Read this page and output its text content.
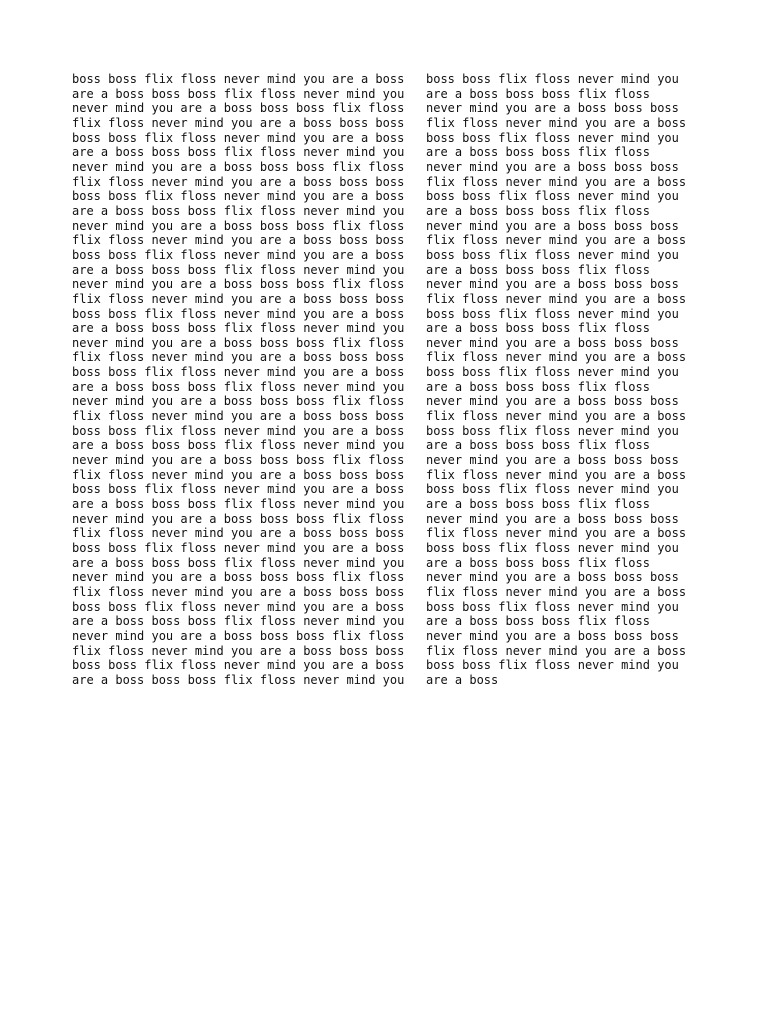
boss boss flix floss never mind you are a boss
are a boss boss boss flix floss never mind you
never mind you are a boss boss boss flix floss
flix floss never mind you are a boss boss boss
boss boss flix floss never mind you are a boss
are a boss boss boss flix floss never mind you
never mind you are a boss boss boss flix floss
flix floss never mind you are a boss boss boss
boss boss flix floss never mind you are a boss
are a boss boss boss flix floss never mind you
never mind you are a boss boss boss flix floss
flix floss never mind you are a boss boss boss
boss boss flix floss never mind you are a boss
are a boss boss boss flix floss never mind you
never mind you are a boss boss boss flix floss
flix floss never mind you are a boss boss boss
boss boss flix floss never mind you are a boss
are a boss boss boss flix floss never mind you
never mind you are a boss boss boss flix floss
flix floss never mind you are a boss boss boss
boss boss flix floss never mind you are a boss
are a boss boss boss flix floss never mind you
never mind you are a boss boss boss flix floss
flix floss never mind you are a boss boss boss
boss boss flix floss never mind you are a boss
are a boss boss boss flix floss never mind you
never mind you are a boss boss boss flix floss
flix floss never mind you are a boss boss boss
boss boss flix floss never mind you are a boss
are a boss boss boss flix floss never mind you
never mind you are a boss boss boss flix floss
flix floss never mind you are a boss boss boss
boss boss flix floss never mind you are a boss
are a boss boss boss flix floss never mind you
never mind you are a boss boss boss flix floss
flix floss never mind you are a boss boss boss
boss boss flix floss never mind you are a boss
are a boss boss boss flix floss never mind you
never mind you are a boss boss boss flix floss
flix floss never mind you are a boss boss boss
boss boss flix floss never mind you are a boss
are a boss boss boss flix floss never mind you
boss boss flix floss never mind you
are a boss boss boss flix floss
never mind you are a boss boss boss
flix floss never mind you are a boss
boss boss flix floss never mind you
are a boss boss boss flix floss
never mind you are a boss boss boss
flix floss never mind you are a boss
boss boss flix floss never mind you
are a boss boss boss flix floss
never mind you are a boss boss boss
flix floss never mind you are a boss
boss boss flix floss never mind you
are a boss boss boss flix floss
never mind you are a boss boss boss
flix floss never mind you are a boss
boss boss flix floss never mind you
are a boss boss boss flix floss
never mind you are a boss boss boss
flix floss never mind you are a boss
boss boss flix floss never mind you
are a boss boss boss flix floss
never mind you are a boss boss boss
flix floss never mind you are a boss
boss boss flix floss never mind you
are a boss boss boss flix floss
never mind you are a boss boss boss
flix floss never mind you are a boss
boss boss flix floss never mind you
are a boss boss boss flix floss
never mind you are a boss boss boss
flix floss never mind you are a boss
boss boss flix floss never mind you
are a boss boss boss flix floss
never mind you are a boss boss boss
flix floss never mind you are a boss
boss boss flix floss never mind you
are a boss boss boss flix floss
never mind you are a boss boss boss
flix floss never mind you are a boss
boss boss flix floss never mind you
are a boss
